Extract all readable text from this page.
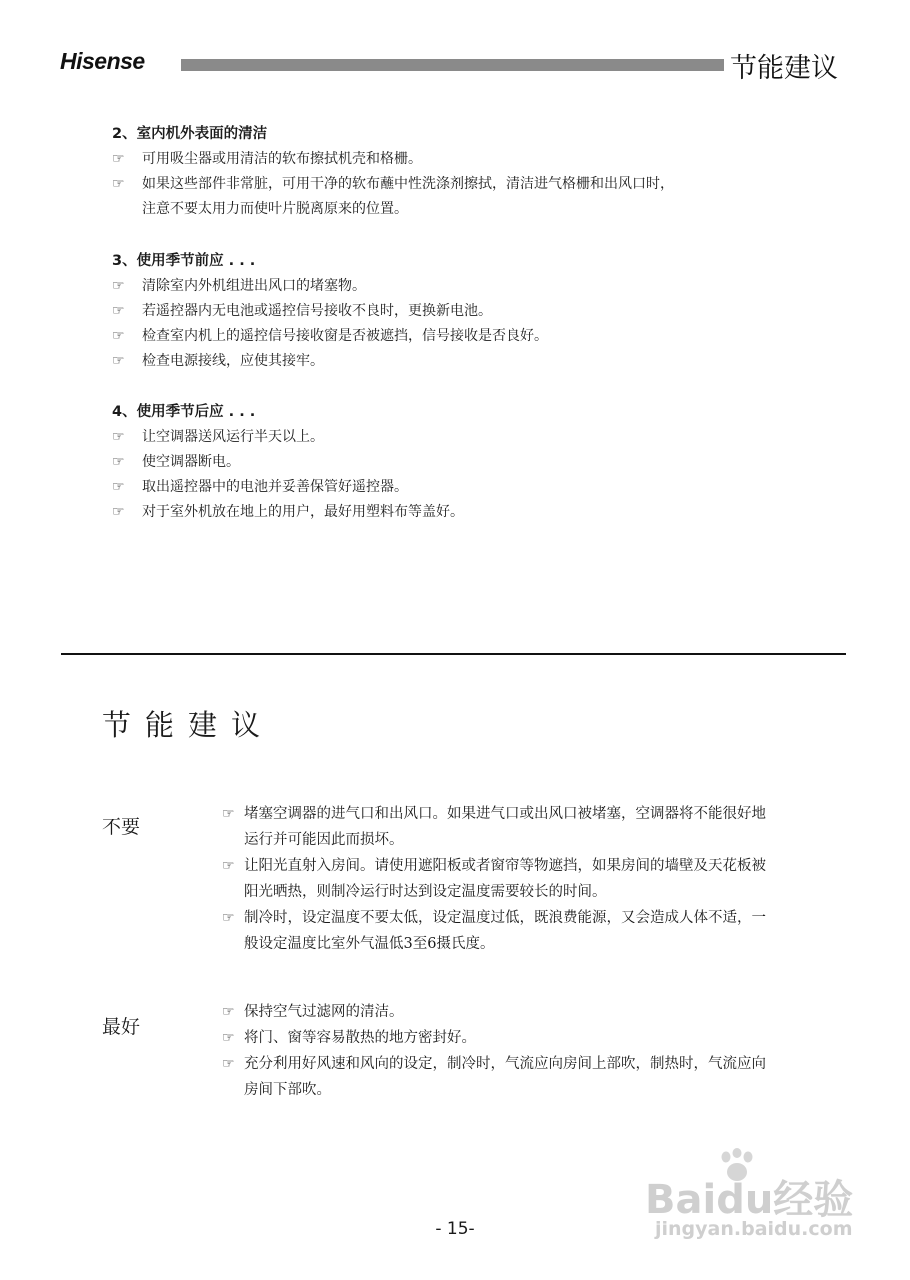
Hisense	节能建议
2、室内机外表面的清洁
☞	可用吸尘器或用清洁的软布擦拭机壳和格栅。
☞	如果这些部件非常脏，可用干净的软布蘸中性洗涤剂擦拭，清洁进气格栅和出风口时，
注意不要太用力而使叶片脱离原来的位置。
3、使用季节前应 . . .
☞	清除室内外机组进出风口的堵塞物。
☞	若遥控器内无电池或遥控信号接收不良时，更换新电池。
☞	检查室内机上的遥控信号接收窗是否被遮挡，信号接收是否良好。
☞	检查电源接线，应使其接牢。
4、使用季节后应 . . .
☞	让空调器送风运行半天以上。
☞	使空调器断电。
☞	取出遥控器中的电池并妥善保管好遥控器。
☞	对于室外机放在地上的用户，最好用塑料布等盖好。
节能建议
不要
☞ 堵塞空调器的进气口和出风口。如果进气口或出风口被堵塞，空调器将不能很好地
运行并可能因此而损坏。
☞ 让阳光直射入房间。请使用遮阳板或者窗帘等物遮挡，如果房间的墙壁及天花板被
阳光晒热，则制冷运行时达到设定温度需要较长的时间。
☞ 制冷时，设定温度不要太低，设定温度过低，既浪费能源，又会造成人体不适，一
般设定温度比室外气温低3至6摄氏度。
最好
☞ 保持空气过滤网的清洁。
☞ 将门、窗等容易散热的地方密封好。
☞ 充分利用好风速和风向的设定，制冷时，气流应向房间上部吹，制热时，气流应向
房间下部吹。
- 15-
Baidu经验
jingyan.baidu.com
